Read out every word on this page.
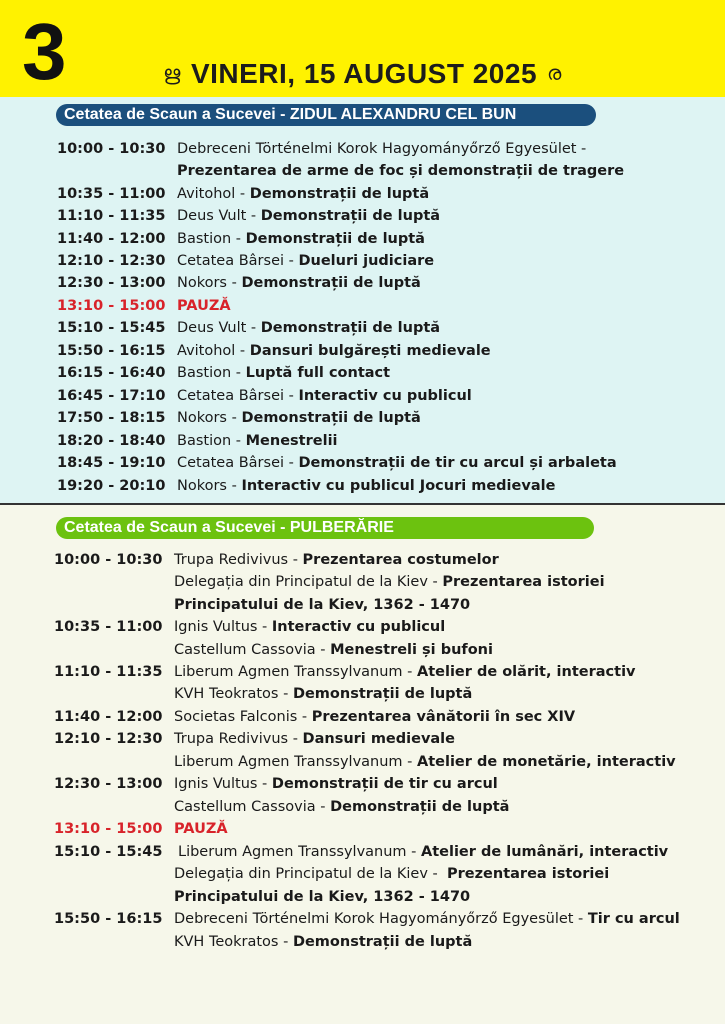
3	ഋ VINERI, 15 AUGUST 2025 ര
Cetatea de Scaun a Sucevei - ZIDUL ALEXANDRU CEL BUN
10:00 - 10:30 Debreceni Történelmi Korok Hagyományőrző Egyesület -
Prezentarea de arme de foc și demonstrații de tragere
10:35 - 11:00 Avitohol - Demonstrații de luptă
11:10 - 11:35 Deus Vult - Demonstrații de luptă
11:40 - 12:00 Bastion - Demonstrații de luptă
12:10 - 12:30 Cetatea Bârsei - Dueluri judiciare
12:30 - 13:00 Nokors - Demonstrații de luptă
13:10 - 15:00 PAUZĂ
15:10 - 15:45 Deus Vult - Demonstrații de luptă
15:50 - 16:15 Avitohol - Dansuri bulgărești medievale
16:15 - 16:40 Bastion - Luptă full contact
16:45 - 17:10 Cetatea Bârsei - Interactiv cu publicul
17:50 - 18:15 Nokors - Demonstrații de luptă
18:20 - 18:40 Bastion - Menestrelii
18:45 - 19:10 Cetatea Bârsei - Demonstrații de tir cu arcul și arbaleta
19:20 - 20:10 Nokors - Interactiv cu publicul Jocuri medievale
Cetatea de Scaun a Sucevei - PULBERĂRIE
10:00 - 10:30 Trupa Redivivus - Prezentarea costumelor
Delegația din Principatul de la Kiev - Prezentarea istoriei
Principatului de la Kiev, 1362 - 1470
10:35 - 11:00 Ignis Vultus - Interactiv cu publicul
Castellum Cassovia - Menestreli și bufoni
11:10 - 11:35 Liberum Agmen Transsylvanum - Atelier de olărit, interactiv
KVH Teokratos - Demonstrații de luptă
11:40 - 12:00 Societas Falconis - Prezentarea vânătorii în sec XIV
12:10 - 12:30 Trupa Redivivus - Dansuri medievale
Liberum Agmen Transsylvanum - Atelier de monetărie, interactiv
12:30 - 13:00 Ignis Vultus - Demonstrații de tir cu arcul
Castellum Cassovia - Demonstrații de luptă
13:10 - 15:00 PAUZĂ
15:10 - 15:45 Liberum Agmen Transsylvanum - Atelier de lumânări, interactiv
Delegația din Principatul de la Kiev -  Prezentarea istoriei
Principatului de la Kiev, 1362 - 1470
15:50 - 16:15 Debreceni Történelmi Korok Hagyományőrző Egyesület - Tir cu arcul
KVH Teokratos - Demonstrații de luptă
